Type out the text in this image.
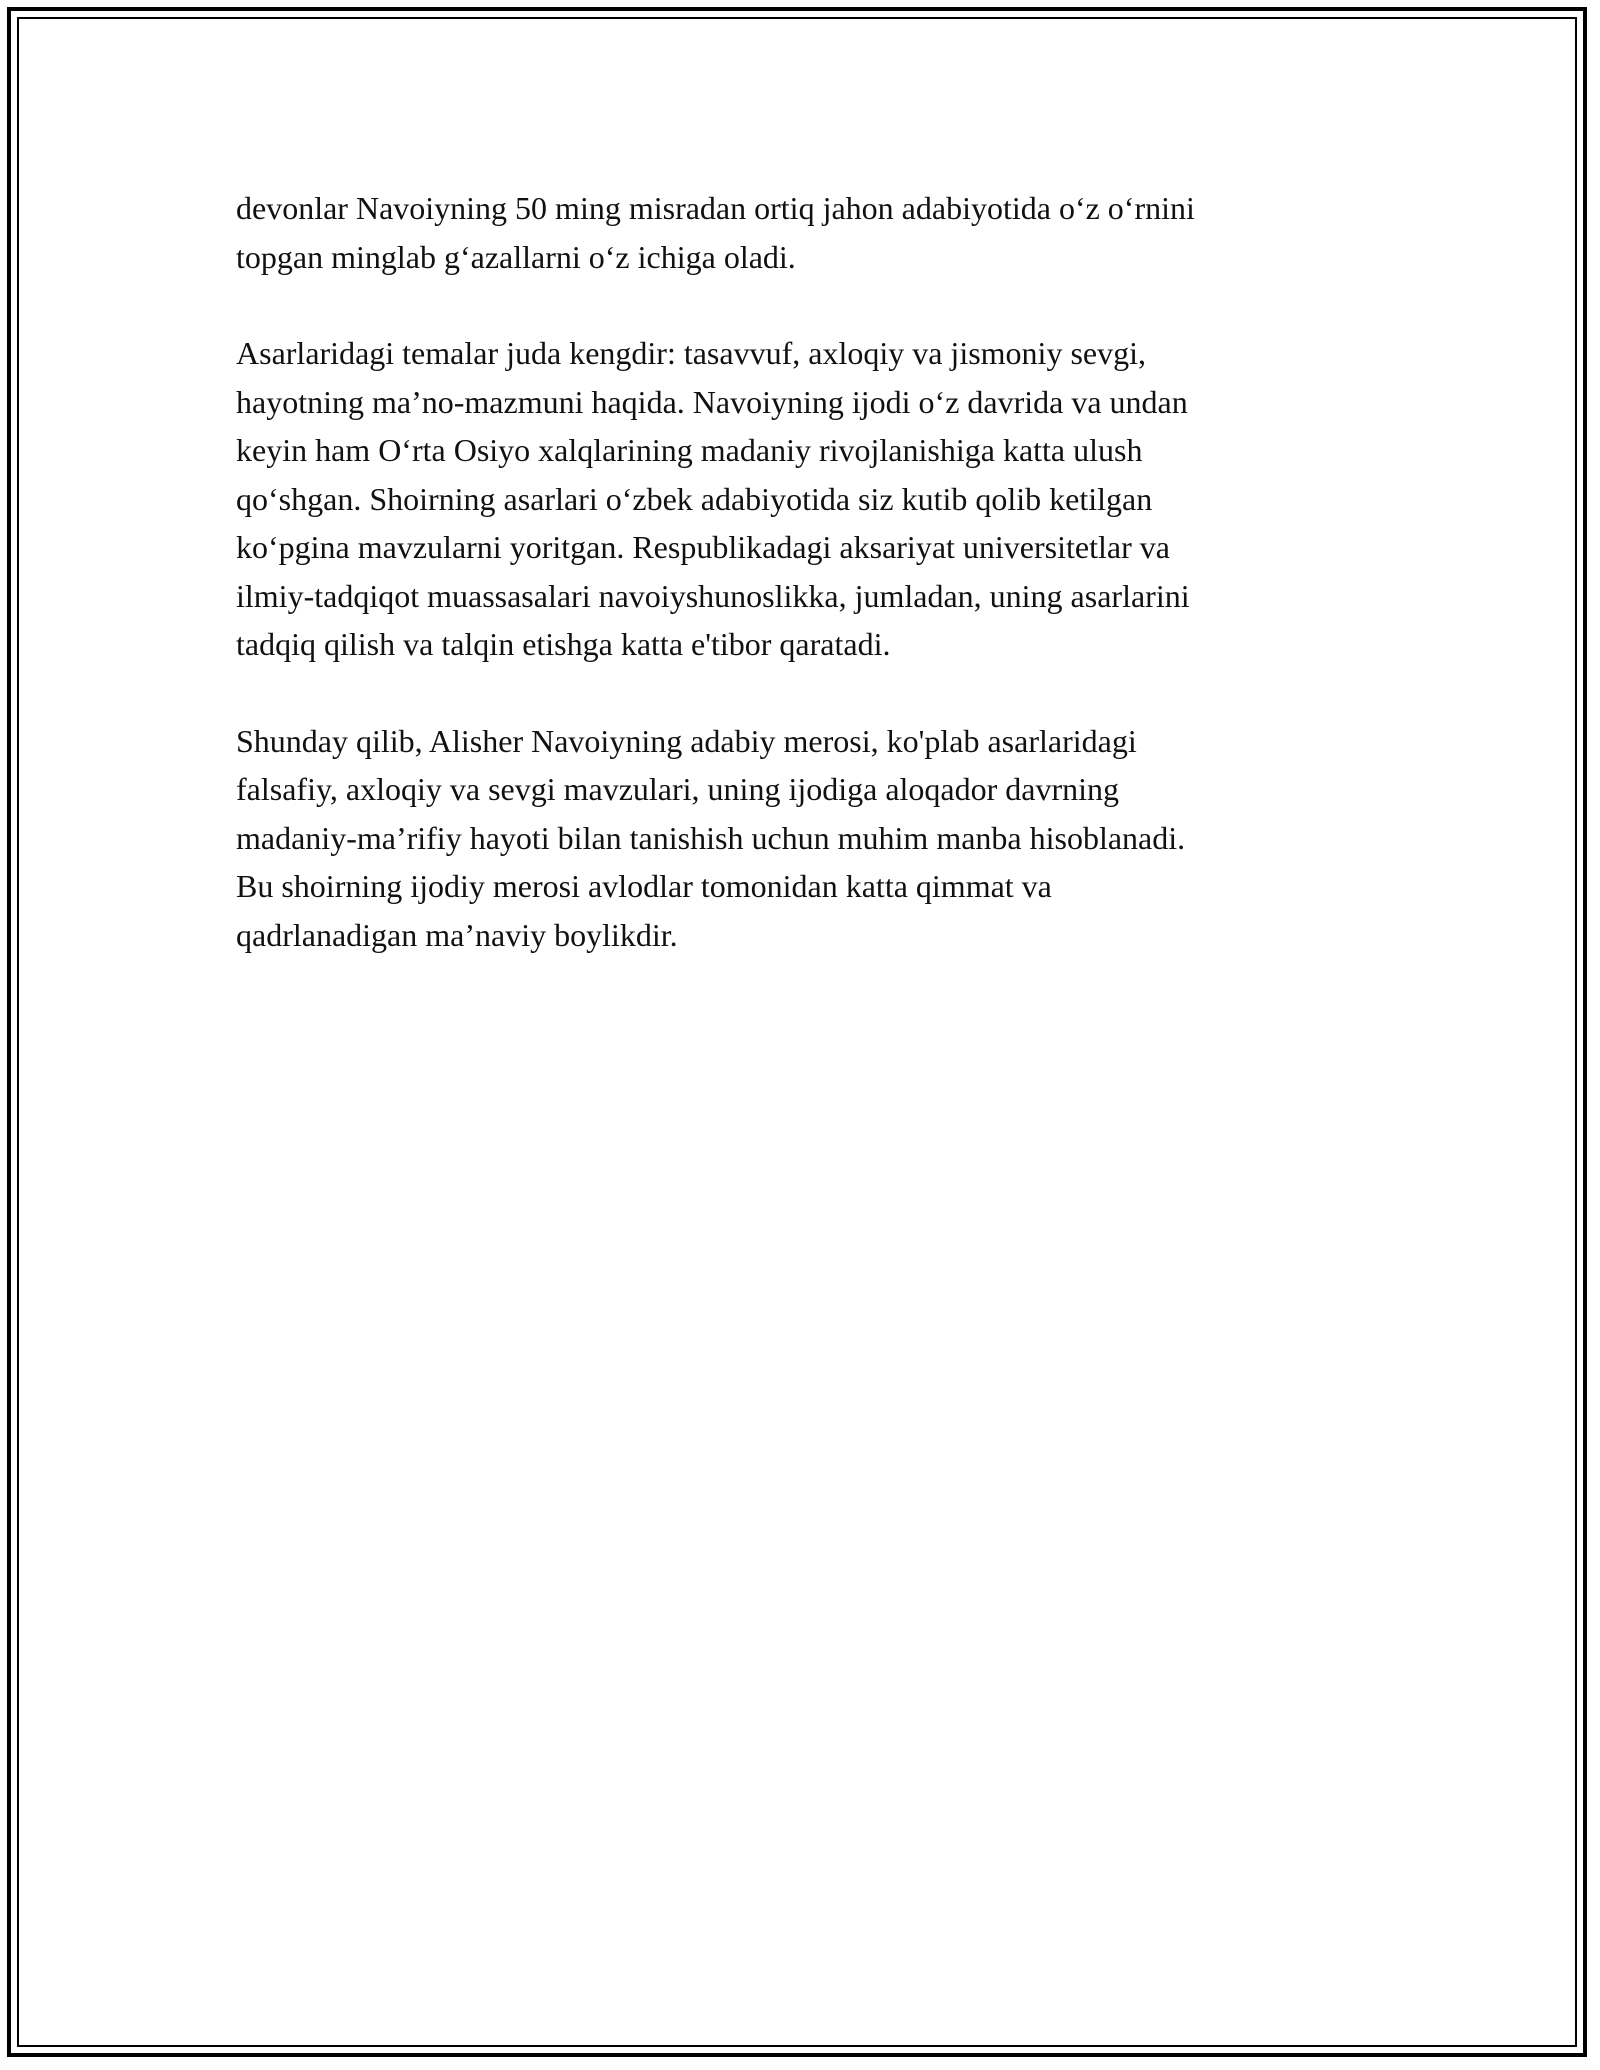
devonlar Navoiyning 50 ming misradan ortiq jahon adabiyotida o‘z o‘rnini
topgan minglab g‘azallarni o‘z ichiga oladi.

Asarlaridagi temalar juda kengdir: tasavvuf, axloqiy va jismoniy sevgi,
hayotning ma’no-mazmuni haqida. Navoiyning ijodi o‘z davrida va undan
keyin ham O‘rta Osiyo xalqlarining madaniy rivojlanishiga katta ulush
qo‘shgan. Shoirning asarlari o‘zbek adabiyotida siz kutib qolib ketilgan
ko‘pgina mavzularni yoritgan. Respublikadagi aksariyat universitetlar va
ilmiy-tadqiqot muassasalari navoiyshunoslikka, jumladan, uning asarlarini
tadqiq qilish va talqin etishga katta e'tibor qaratadi.

Shunday qilib, Alisher Navoiyning adabiy merosi, ko'plab asarlaridagi
falsafiy, axloqiy va sevgi mavzulari, uning ijodiga aloqador davrning
madaniy-ma’rifiy hayoti bilan tanishish uchun muhim manba hisoblanadi.
Bu shoirning ijodiy merosi avlodlar tomonidan katta qimmat va
qadrlanadigan ma’naviy boylikdir.
